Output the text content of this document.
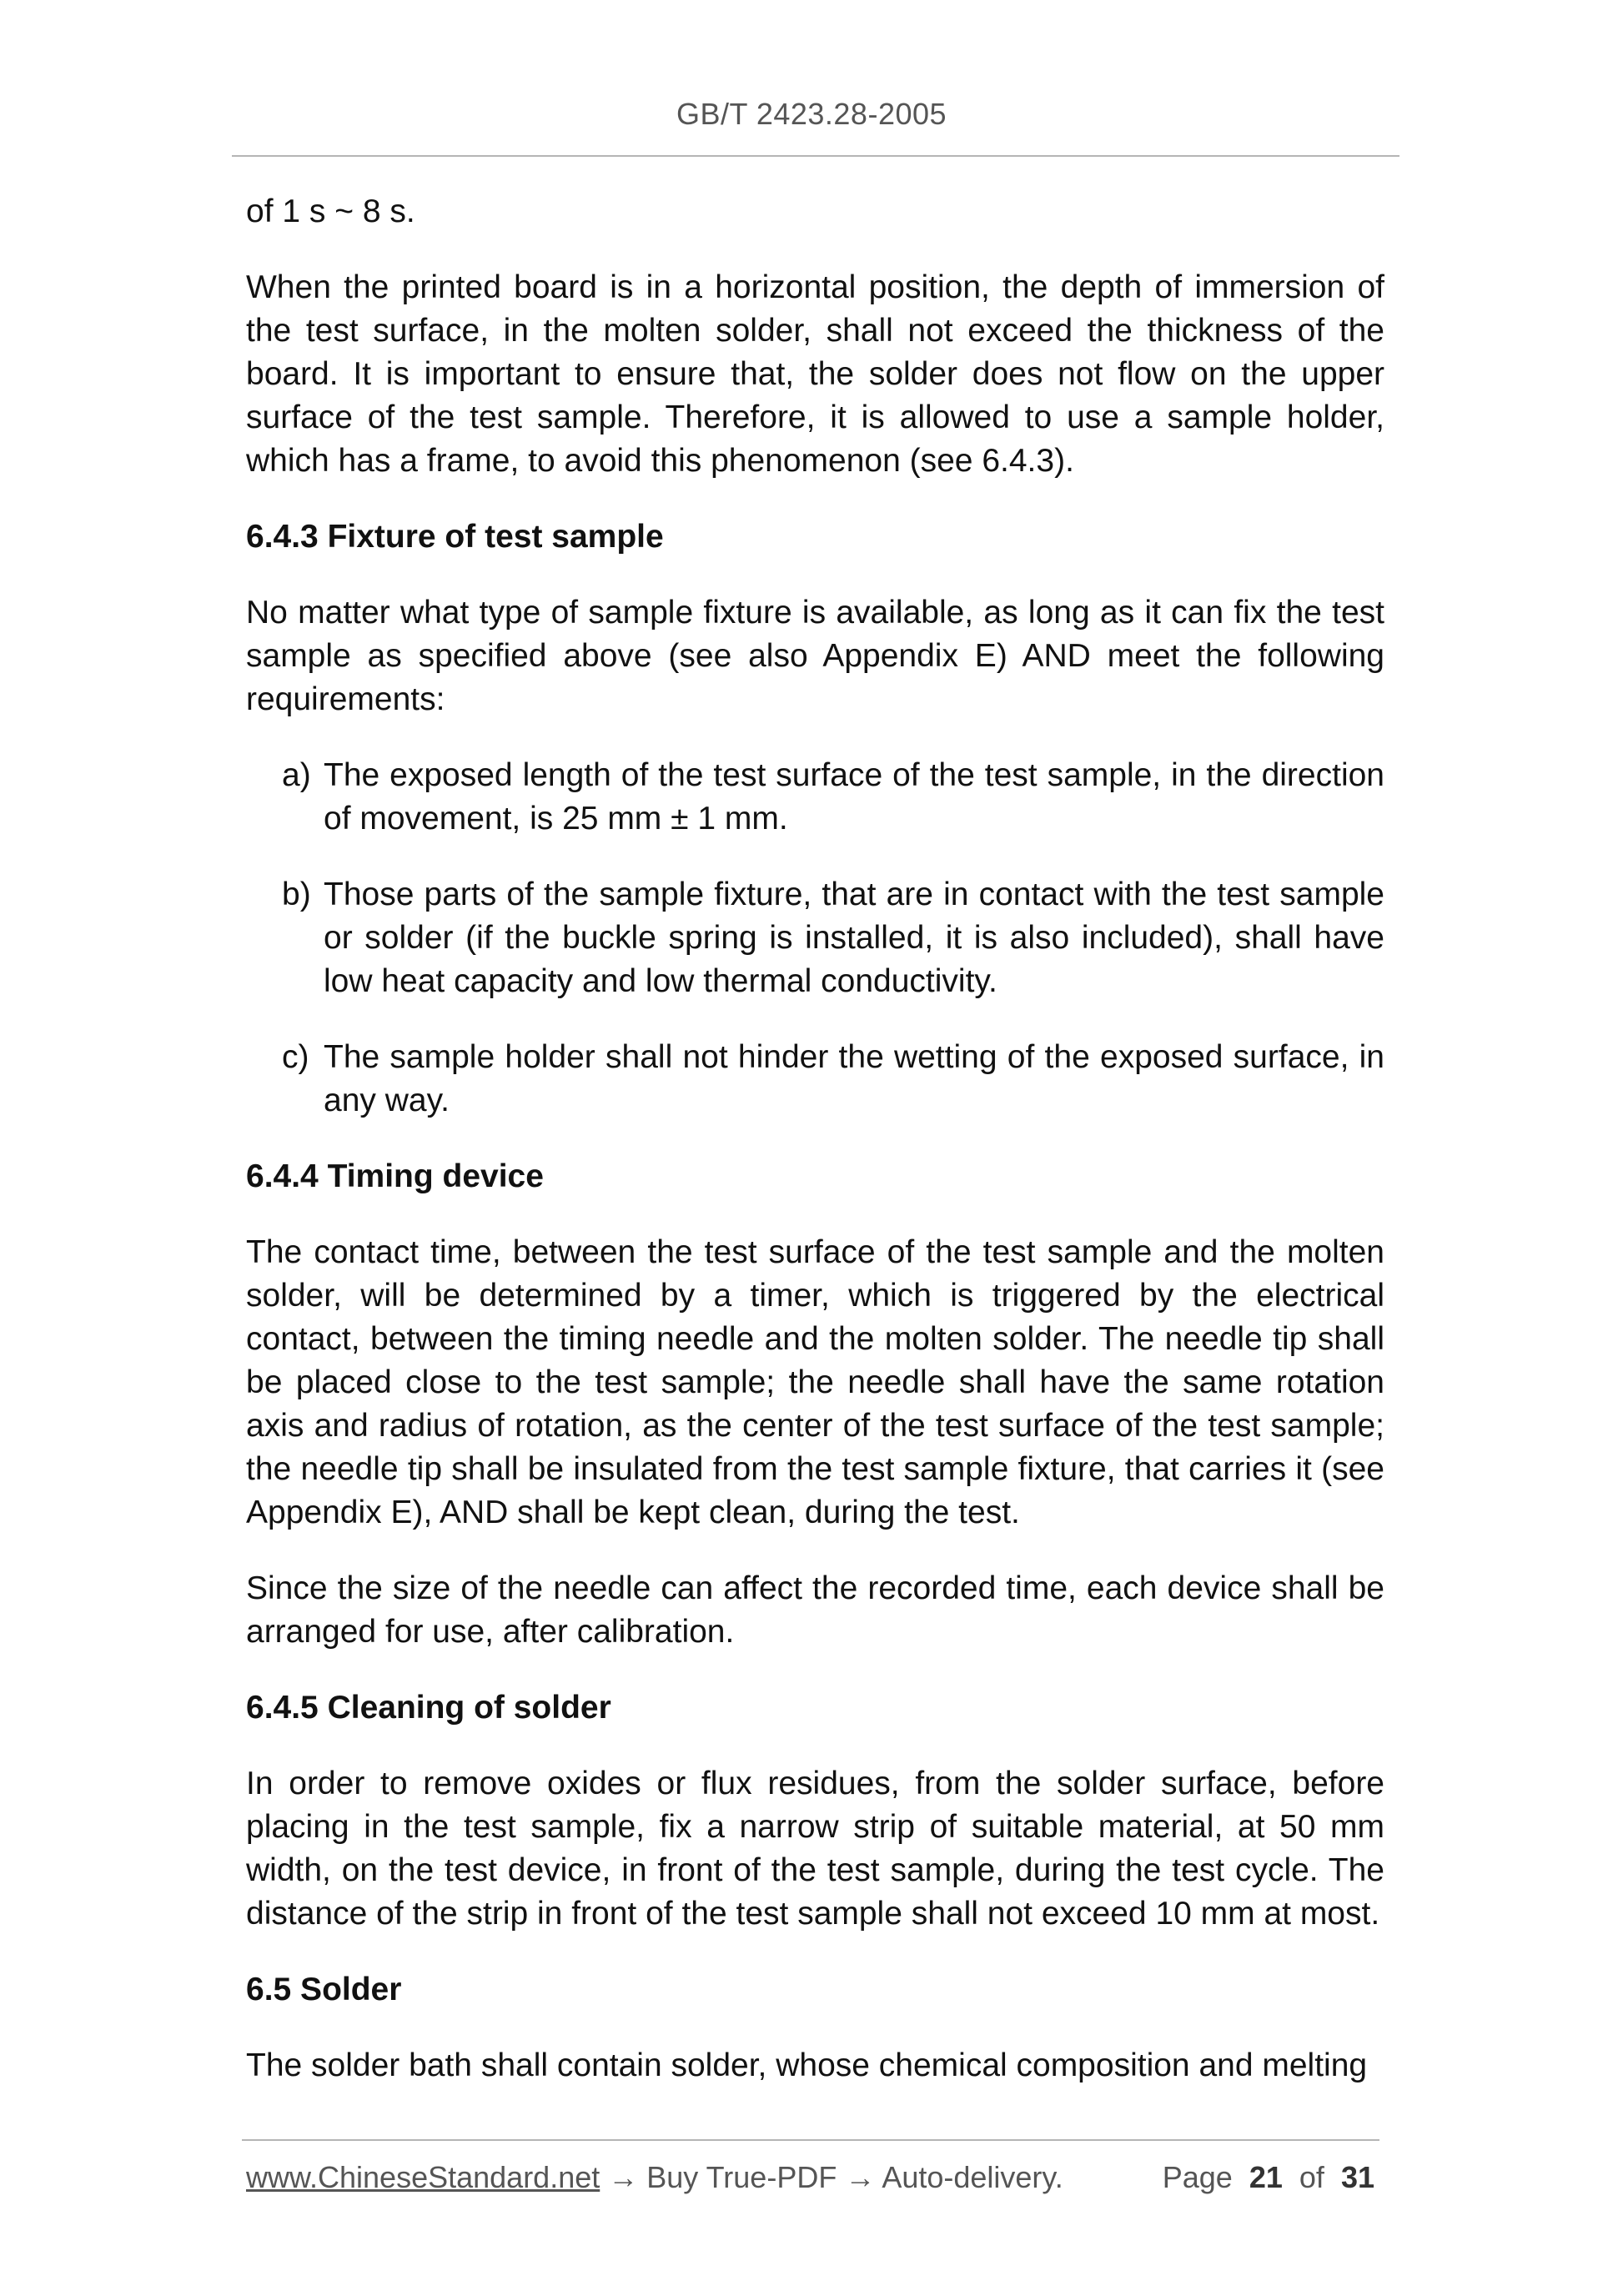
GB/T 2423.28-2005

of 1 s ~ 8 s.

When the printed board is in a horizontal position, the depth of immersion of the test surface, in the molten solder, shall not exceed the thickness of the board. It is important to ensure that, the solder does not flow on the upper surface of the test sample. Therefore, it is allowed to use a sample holder, which has a frame, to avoid this phenomenon (see 6.4.3).

6.4.3 Fixture of test sample

No matter what type of sample fixture is available, as long as it can fix the test sample as specified above (see also Appendix E) AND meet the following requirements:

a) The exposed length of the test surface of the test sample, in the direction of movement, is 25 mm ± 1 mm.
b) Those parts of the sample fixture, that are in contact with the test sample or solder (if the buckle spring is installed, it is also included), shall have low heat capacity and low thermal conductivity.
c) The sample holder shall not hinder the wetting of the exposed surface, in any way.
6.4.4 Timing device

The contact time, between the test surface of the test sample and the molten solder, will be determined by a timer, which is triggered by the electrical contact, between the timing needle and the molten solder. The needle tip shall be placed close to the test sample; the needle shall have the same rotation axis and radius of rotation, as the center of the test surface of the test sample; the needle tip shall be insulated from the test sample fixture, that carries it (see Appendix E), AND shall be kept clean, during the test.

Since the size of the needle can affect the recorded time, each device shall be arranged for use, after calibration.

6.4.5 Cleaning of solder

In order to remove oxides or flux residues, from the solder surface, before placing in the test sample, fix a narrow strip of suitable material, at 50 mm width, on the test device, in front of the test sample, during the test cycle. The distance of the strip in front of the test sample shall not exceed 10 mm at most.

6.5 Solder

The solder bath shall contain solder, whose chemical composition and melting

www.ChineseStandard.net → Buy True-PDF → Auto-delivery.	Page 21 of 31
